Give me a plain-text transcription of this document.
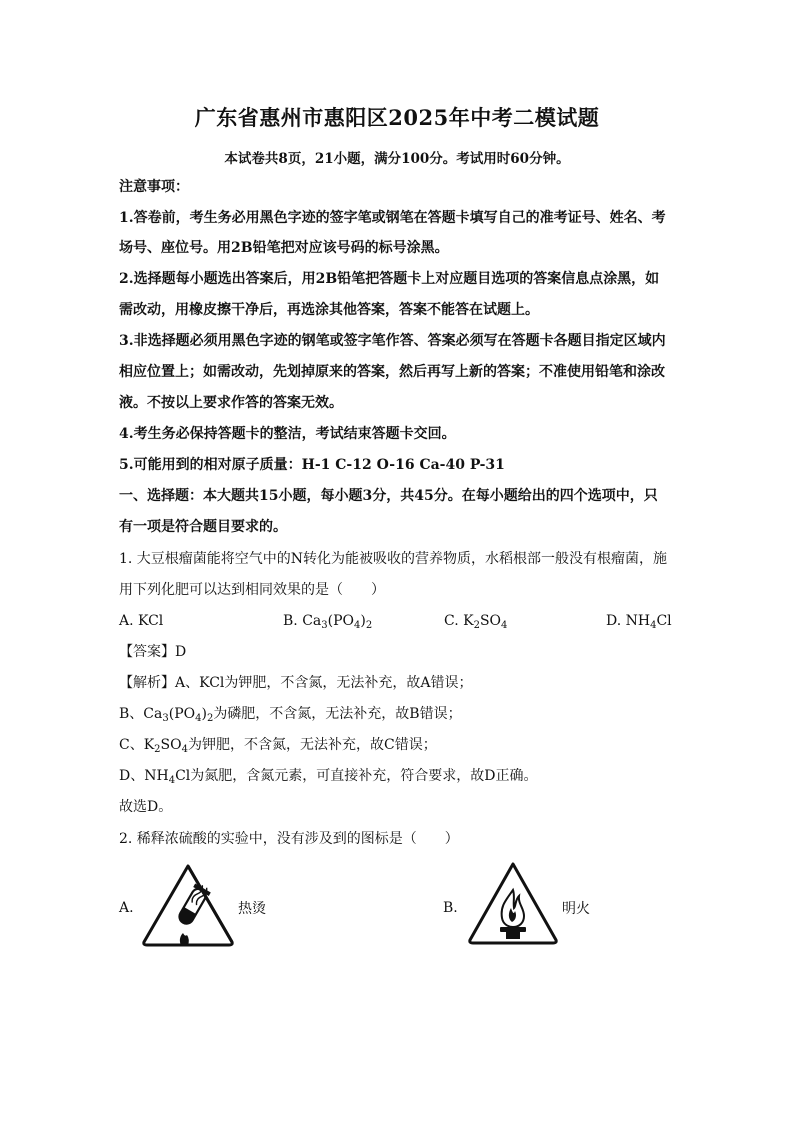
广东省惠州市惠阳区2025年中考二模试题
本试卷共8页，21小题，满分100分。考试用时60分钟。
注意事项：
1.答卷前，考生务必用黑色字迹的签字笔或钢笔在答题卡填写自己的准考证号、姓名、考
场号、座位号。用2B铅笔把对应该号码的标号涂黑。
2.选择题每小题选出答案后，用2B铅笔把答题卡上对应题目选项的答案信息点涂黑，如
需改动，用橡皮擦干净后，再选涂其他答案，答案不能答在试题上。
3.非选择题必须用黑色字迹的钢笔或签字笔作答、答案必须写在答题卡各题目指定区域内
相应位置上；如需改动，先划掉原来的答案，然后再写上新的答案；不准使用铅笔和涂改
液。不按以上要求作答的答案无效。
4.考生务必保持答题卡的整洁，考试结束答题卡交回。
5.可能用到的相对原子质量：H-1 C-12 O-16 Ca-40 P-31
一、选择题：本大题共15小题，每小题3分，共45分。在每小题给出的四个选项中，只
有一项是符合题目要求的。
1. 大豆根瘤菌能将空气中的N转化为能被吸收的营养物质，水稻根部一般没有根瘤菌，施
用下列化肥可以达到相同效果的是（　　）
A. KCl	B. $Ca_3(PO_4)_2$	C. $K_2SO_4$	D. $NH_4Cl$
【答案】D
【解析】A、KCl为钾肥，不含氮，无法补充，故A错误；
B、$Ca_3(PO_4)_2$为磷肥，不含氮，无法补充，故B错误；
C、$K_2SO_4$为钾肥，不含氮，无法补充，故C错误；
D、$NH_4Cl$为氮肥，含氮元素，可直接补充，符合要求，故D正确。
故选D。
2. 稀释浓硫酸的实验中，没有涉及到的图标是（　　）
A.	热烫	B.	明火
